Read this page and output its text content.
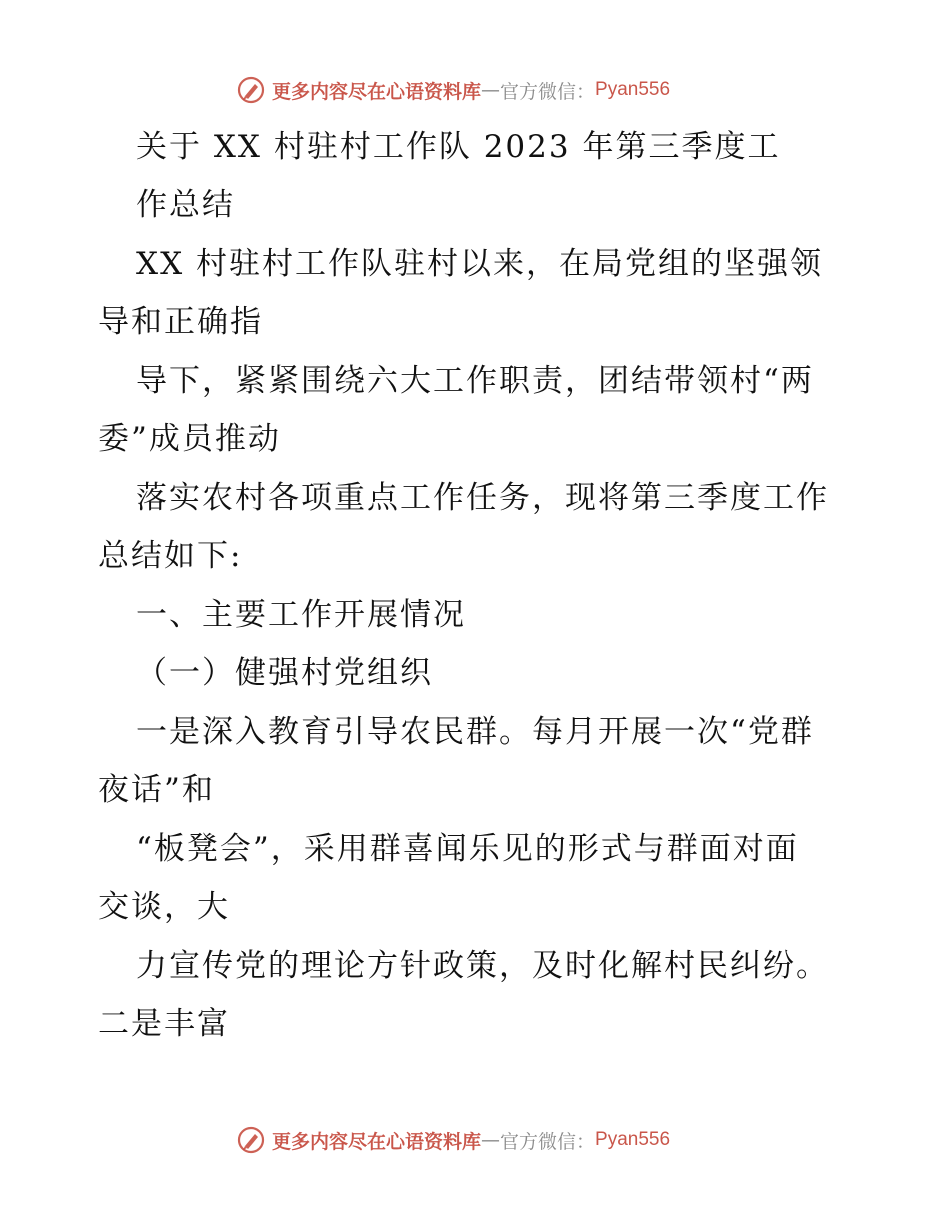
更多内容尽在心语资料库 — 官方微信： Pyan556
关于 XX 村驻村工作队 2023 年第三季度工
作总结
XX 村驻村工作队驻村以来，在局党组的坚强领
导和正确指
导下，紧紧围绕六大工作职责，团结带领村“两
委”成员推动
落实农村各项重点工作任务，现将第三季度工作
总结如下:
一、主要工作开展情况
（一）健强村党组织
一是深入教育引导农民群。每月开展一次“党群
夜话”和
“板凳会”，采用群喜闻乐见的形式与群面对面
交谈，大
力宣传党的理论方针政策，及时化解村民纠纷。
二是丰富
更多内容尽在心语资料库 — 官方微信： Pyan556
